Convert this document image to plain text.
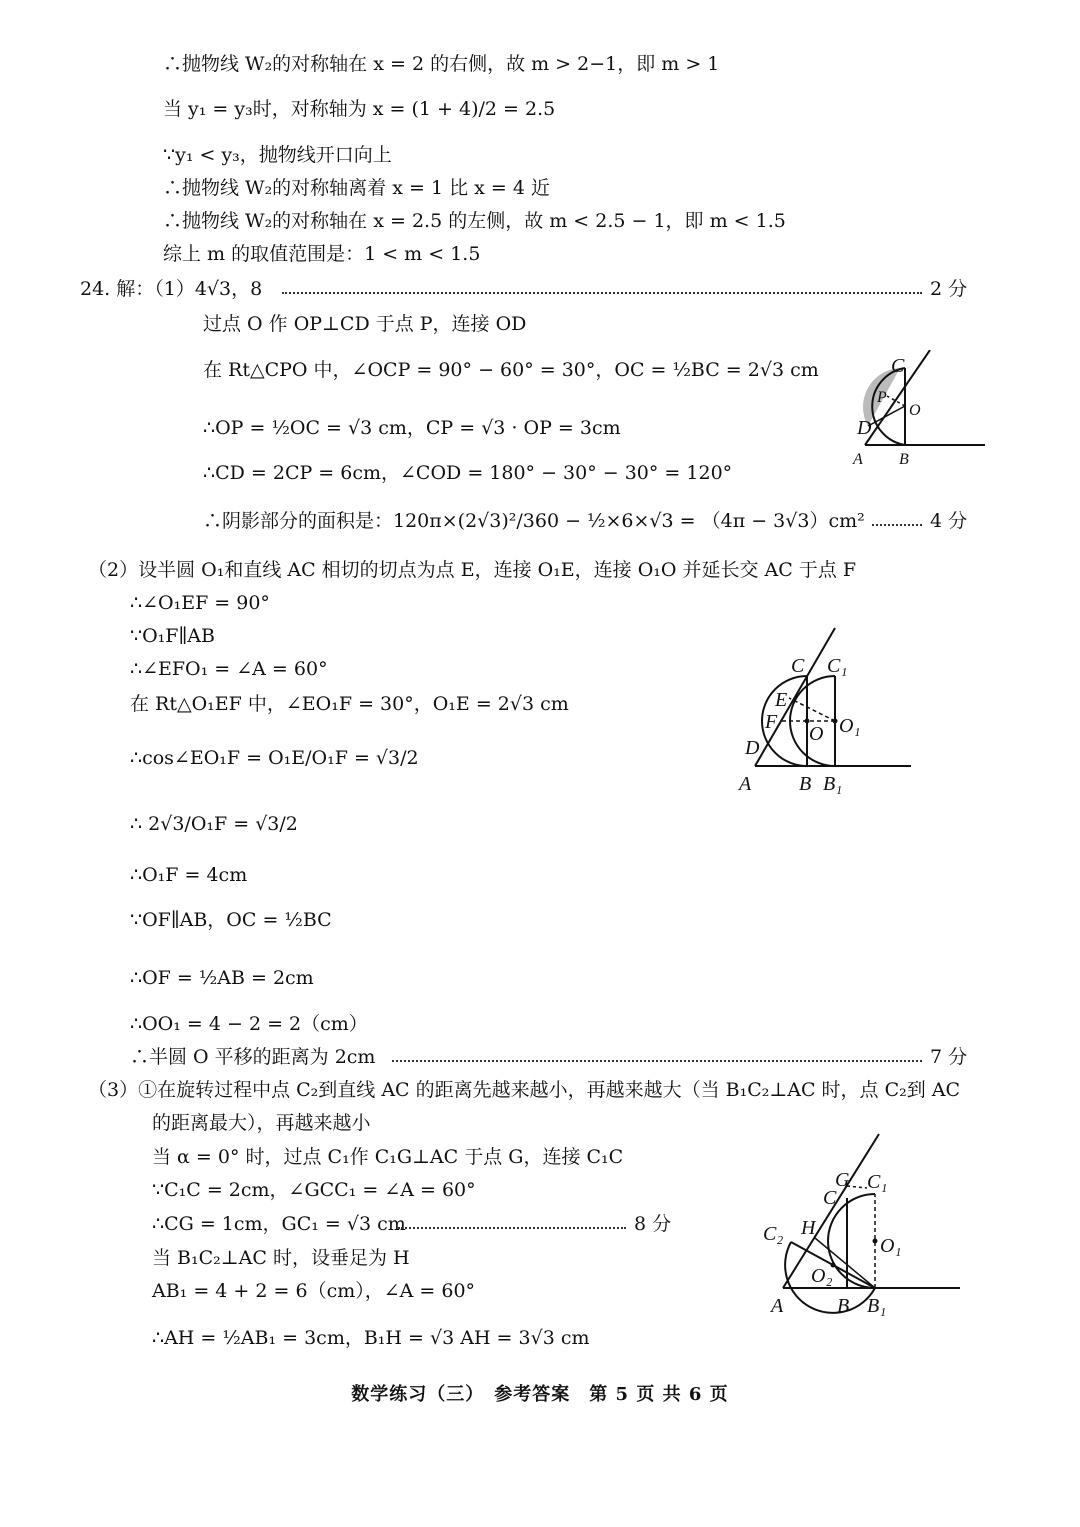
∴抛物线 W₂的对称轴在 x = 2 的右侧，故 m > 2−1，即 m > 1
当 y₁ = y₃时，对称轴为 x = (1 + 4)/2 = 2.5
∵y₁ < y₃，抛物线开口向上
∴抛物线 W₂的对称轴离着 x = 1 比 x = 4 近
∴抛物线 W₂的对称轴在 x = 2.5 的左侧，故 m < 2.5 − 1，即 m < 1.5
综上 m 的取值范围是：1 < m < 1.5
24. 解：（1）4√3，8	2 分
过点 O 作 OP⊥CD 于点 P，连接 OD
在 Rt△CPO 中，∠OCP = 90° − 60° = 30°，OC = ½BC = 2√3 cm
∴OP = ½OC = √3 cm，CP = √3 · OP = 3cm
∴CD = 2CP = 6cm，∠COD = 180° − 30° − 30° = 120°
∴阴影部分的面积是：120π×(2√3)²/360 − ½×6×√3 = （4π − 3√3）cm²	4 分
C
P
O
D
A B
（2）设半圆 O₁和直线 AC 相切的切点为点 E，连接 O₁E，连接 O₁O 并延长交 AC 于点 F
∴∠O₁EF = 90°
∵O₁F∥AB
∴∠EFO₁ = ∠A = 60°
在 Rt△O₁EF 中，∠EO₁F = 30°，O₁E = 2√3 cm
∴cos∠EO₁F = O₁E/O₁F = √3/2
∴ 2√3/O₁F = √3/2
∴O₁F = 4cm
∵OF∥AB，OC = ½BC
∴OF = ½AB = 2cm
∴OO₁ = 4 − 2 = 2（cm）
∴半圆 O 平移的距离为 2cm	7 分
C C₁
E
F
O O₁
D
A B B₁
（3）①在旋转过程中点 C₂到直线 AC 的距离先越来越小，再越来越大（当 B₁C₂⊥AC 时，点 C₂到 AC
的距离最大），再越来越小
当 α = 0° 时，过点 C₁作 C₁G⊥AC 于点 G，连接 C₁C
∵C₁C = 2cm，∠GCC₁ = ∠A = 60°
∴CG = 1cm，GC₁ = √3 cm	8 分
当 B₁C₂⊥AC 时，设垂足为 H
AB₁ = 4 + 2 = 6（cm），∠A = 60°
∴AH = ½AB₁ = 3cm，B₁H = √3 AH = 3√3 cm
G C₁
C
C₂ H
O₁
O₂
A	B B₁
数学练习（三）　参考答案　第 5 页 共 6 页
